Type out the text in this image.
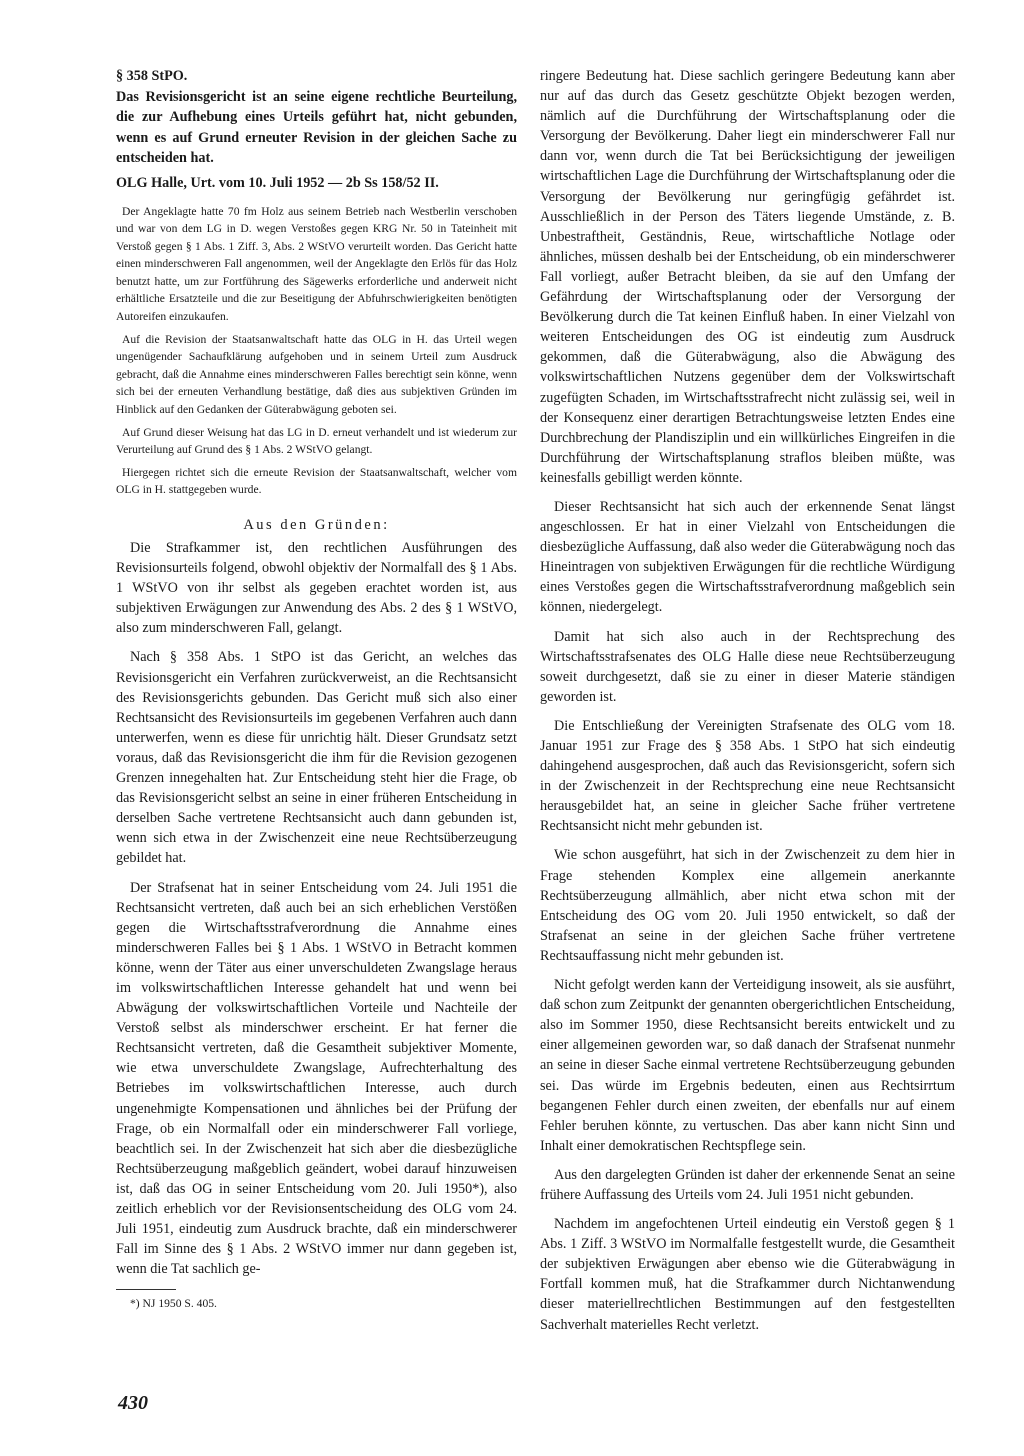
§ 358 StPO.

Das Revisionsgericht ist an seine eigene rechtliche Beurteilung, die zur Aufhebung eines Urteils geführt hat, nicht gebunden, wenn es auf Grund erneuter Revision in der gleichen Sache zu entscheiden hat.

OLG Halle, Urt. vom 10. Juli 1952 — 2b Ss 158/52 II.

Der Angeklagte hatte 70 fm Holz aus seinem Betrieb nach Westberlin verschoben und war von dem LG in D. wegen Verstoßes gegen KRG Nr. 50 in Tateinheit mit Verstoß gegen § 1 Abs. 1 Ziff. 3, Abs. 2 WStVO verurteilt worden. Das Gericht hatte einen minderschweren Fall angenommen, weil der Angeklagte den Erlös für das Holz benutzt hatte, um zur Fortführung des Sägewerks erforderliche und anderweit nicht erhältliche Ersatzteile und die zur Beseitigung der Abfuhrschwierigkeiten benötigten Autoreifen einzukaufen.

Auf die Revision der Staatsanwaltschaft hatte das OLG in H. das Urteil wegen ungenügender Sachaufklärung aufgehoben und in seinem Urteil zum Ausdruck gebracht, daß die Annahme eines minderschweren Falles berechtigt sein könne, wenn sich bei der erneuten Verhandlung bestätige, daß dies aus subjektiven Gründen im Hinblick auf den Gedanken der Güterabwägung geboten sei.

Auf Grund dieser Weisung hat das LG in D. erneut verhandelt und ist wiederum zur Verurteilung auf Grund des § 1 Abs. 2 WStVO gelangt.

Hiergegen richtet sich die erneute Revision der Staatsanwaltschaft, welcher vom OLG in H. stattgegeben wurde.

Aus den Gründen:

Die Strafkammer ist, den rechtlichen Ausführungen des Revisionsurteils folgend, obwohl objektiv der Normalfall des § 1 Abs. 1 WStVO von ihr selbst als gegeben erachtet worden ist, aus subjektiven Erwägungen zur Anwendung des Abs. 2 des § 1 WStVO, also zum minderschweren Fall, gelangt.

Nach § 358 Abs. 1 StPO ist das Gericht, an welches das Revisionsgericht ein Verfahren zurückverweist, an die Rechtsansicht des Revisionsgerichts gebunden. Das Gericht muß sich also einer Rechtsansicht des Revisionsurteils im gegebenen Verfahren auch dann unterwerfen, wenn es diese für unrichtig hält. Dieser Grundsatz setzt voraus, daß das Revisionsgericht die ihm für die Revision gezogenen Grenzen innegehalten hat. Zur Entscheidung steht hier die Frage, ob das Revisionsgericht selbst an seine in einer früheren Entscheidung in derselben Sache vertretene Rechtsansicht auch dann gebunden ist, wenn sich etwa in der Zwischenzeit eine neue Rechtsüberzeugung gebildet hat.

Der Strafsenat hat in seiner Entscheidung vom 24. Juli 1951 die Rechtsansicht vertreten, daß auch bei an sich erheblichen Verstößen gegen die Wirtschaftsstrafverordnung die Annahme eines minderschweren Falles bei § 1 Abs. 1 WStVO in Betracht kommen könne, wenn der Täter aus einer unverschuldeten Zwangslage heraus im volkswirtschaftlichen Interesse gehandelt hat und wenn bei Abwägung der volkswirtschaftlichen Vorteile und Nachteile der Verstoß selbst als minderschwer erscheint. Er hat ferner die Rechtsansicht vertreten, daß die Gesamtheit subjektiver Momente, wie etwa unverschuldete Zwangslage, Aufrechterhaltung des Betriebes im volkswirtschaftlichen Interesse, auch durch ungenehmigte Kompensationen und ähnliches bei der Prüfung der Frage, ob ein Normalfall oder ein minderschwerer Fall vorliege, beachtlich sei. In der Zwischenzeit hat sich aber die diesbezügliche Rechtsüberzeugung maßgeblich geändert, wobei darauf hinzuweisen ist, daß das OG in seiner Entscheidung vom 20. Juli 1950*), also zeitlich erheblich vor der Revisionsentscheidung des OLG vom 24. Juli 1951, eindeutig zum Ausdruck brachte, daß ein minderschwerer Fall im Sinne des § 1 Abs. 2 WStVO immer nur dann gegeben ist, wenn die Tat sachlich ge-

*) NJ 1950 S. 405.

ringere Bedeutung hat. Diese sachlich geringere Bedeutung kann aber nur auf das durch das Gesetz geschützte Objekt bezogen werden, nämlich auf die Durchführung der Wirtschaftsplanung oder die Versorgung der Bevölkerung. Daher liegt ein minderschwerer Fall nur dann vor, wenn durch die Tat bei Berücksichtigung der jeweiligen wirtschaftlichen Lage die Durchführung der Wirtschaftsplanung oder die Versorgung der Bevölkerung nur geringfügig gefährdet ist. Ausschließlich in der Person des Täters liegende Umstände, z. B. Unbestraftheit, Geständnis, Reue, wirtschaftliche Notlage oder ähnliches, müssen deshalb bei der Entscheidung, ob ein minderschwerer Fall vorliegt, außer Betracht bleiben, da sie auf den Umfang der Gefährdung der Wirtschaftsplanung oder der Versorgung der Bevölkerung durch die Tat keinen Einfluß haben. In einer Vielzahl von weiteren Entscheidungen des OG ist eindeutig zum Ausdruck gekommen, daß die Güterabwägung, also die Abwägung des volkswirtschaftlichen Nutzens gegenüber dem der Volkswirtschaft zugefügten Schaden, im Wirtschaftsstrafrecht nicht zulässig sei, weil in der Konsequenz einer derartigen Betrachtungsweise letzten Endes eine Durchbrechung der Plandisziplin und ein willkürliches Eingreifen in die Durchführung der Wirtschaftsplanung straflos bleiben müßte, was keinesfalls gebilligt werden könnte.

Dieser Rechtsansicht hat sich auch der erkennende Senat längst angeschlossen. Er hat in einer Vielzahl von Entscheidungen die diesbezügliche Auffassung, daß also weder die Güterabwägung noch das Hineintragen von subjektiven Erwägungen für die rechtliche Würdigung eines Verstoßes gegen die Wirtschaftsstrafverordnung maßgeblich sein können, niedergelegt.

Damit hat sich also auch in der Rechtsprechung des Wirtschaftsstrafsenates des OLG Halle diese neue Rechtsüberzeugung soweit durchgesetzt, daß sie zu einer in dieser Materie ständigen geworden ist.

Die Entschließung der Vereinigten Strafsenate des OLG vom 18. Januar 1951 zur Frage des § 358 Abs. 1 StPO hat sich eindeutig dahingehend ausgesprochen, daß auch das Revisionsgericht, sofern sich in der Zwischenzeit in der Rechtsprechung eine neue Rechtsansicht herausgebildet hat, an seine in gleicher Sache früher vertretene Rechtsansicht nicht mehr gebunden ist.

Wie schon ausgeführt, hat sich in der Zwischenzeit zu dem hier in Frage stehenden Komplex eine allgemein anerkannte Rechtsüberzeugung allmählich, aber nicht etwa schon mit der Entscheidung des OG vom 20. Juli 1950 entwickelt, so daß der Strafsenat an seine in der gleichen Sache früher vertretene Rechtsauffassung nicht mehr gebunden ist.

Nicht gefolgt werden kann der Verteidigung insoweit, als sie ausführt, daß schon zum Zeitpunkt der genannten obergerichtlichen Entscheidung, also im Sommer 1950, diese Rechtsansicht bereits entwickelt und zu einer allgemeinen geworden war, so daß danach der Strafsenat nunmehr an seine in dieser Sache einmal vertretene Rechtsüberzeugung gebunden sei. Das würde im Ergebnis bedeuten, einen aus Rechtsirrtum begangenen Fehler durch einen zweiten, der ebenfalls nur auf einem Fehler beruhen könnte, zu vertuschen. Das aber kann nicht Sinn und Inhalt einer demokratischen Rechtspflege sein.

Aus den dargelegten Gründen ist daher der erkennende Senat an seine frühere Auffassung des Urteils vom 24. Juli 1951 nicht gebunden.

Nachdem im angefochtenen Urteil eindeutig ein Verstoß gegen § 1 Abs. 1 Ziff. 3 WStVO im Normalfalle festgestellt wurde, die Gesamtheit der subjektiven Erwägungen aber ebenso wie die Güterabwägung in Fortfall kommen muß, hat die Strafkammer durch Nichtanwendung dieser materiellrechtlichen Bestimmungen auf den festgestellten Sachverhalt materielles Recht verletzt.

430
